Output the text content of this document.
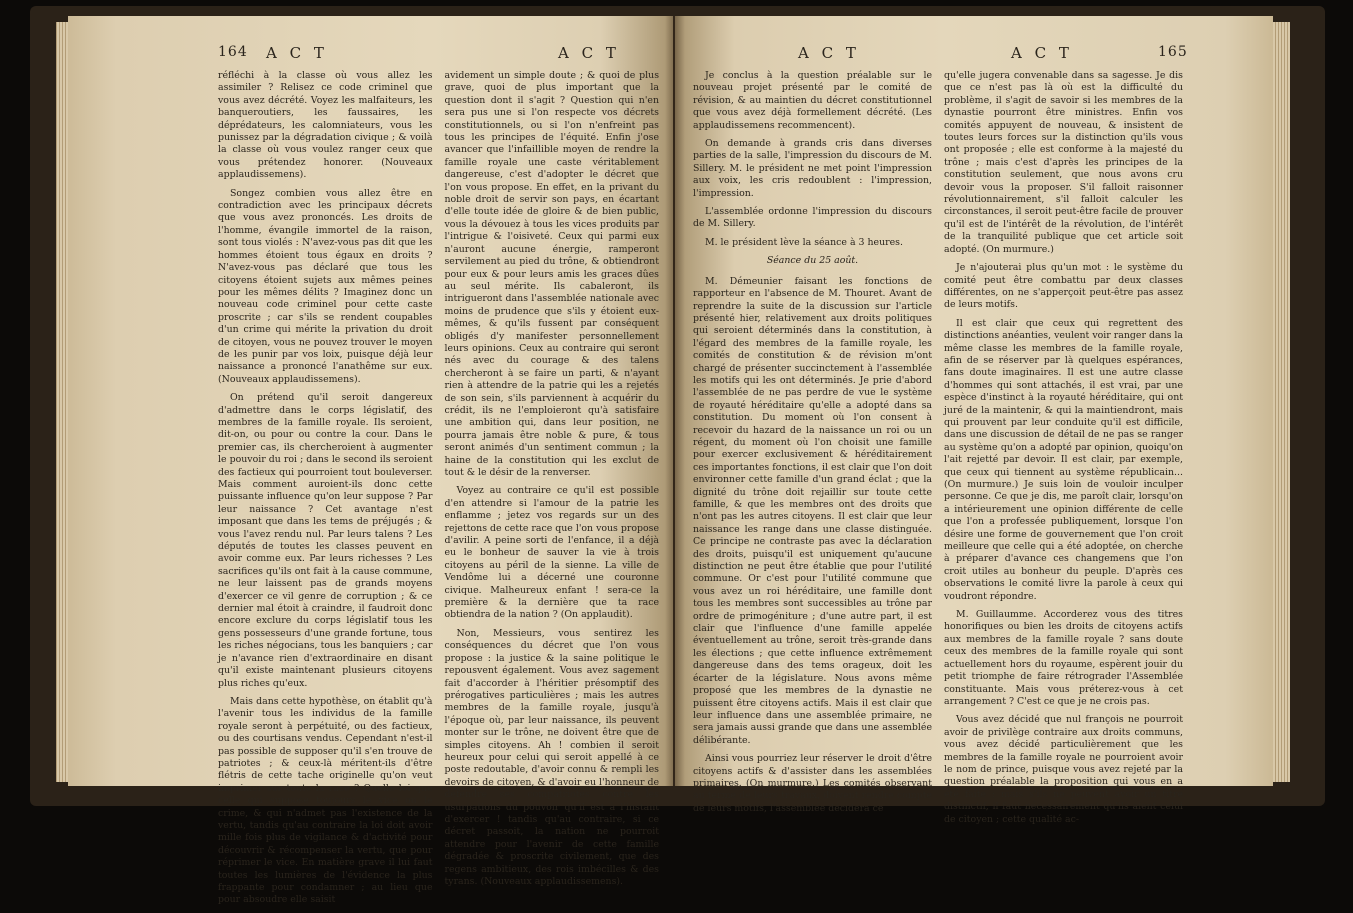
164 A C T	A C T

réfléchi à la classe où vous allez les assimiler ? Relisez ce code criminel que vous avez décrété. Voyez les malfaiteurs, les banqueroutiers, les faussaires, les déprédateurs, les calomniateurs, vous les punissez par la dégradation civique ; & voilà la classe où vous voulez ranger ceux que vous prétendez honorer. (Nouveaux applaudissemens).

Songez combien vous allez être en contradiction avec les principaux décrets que vous avez prononcés. Les droits de l'homme, évangile immortel de la raison, sont tous violés : N'avez-vous pas dit que les hommes étoient tous égaux en droits ? N'avez-vous pas déclaré que tous les citoyens étoient sujets aux mêmes peines pour les mêmes délits ? Imaginez donc un nouveau code criminel pour cette caste proscrite ; car s'ils se rendent coupables d'un crime qui mérite la privation du droit de citoyen, vous ne pouvez trouver le moyen de les punir par vos loix, puisque déjà leur naissance a prononcé l'anathême sur eux. (Nouveaux applaudissemens).

On prétend qu'il seroit dangereux d'admettre dans le corps législatif, des membres de la famille royale. Ils seroient, dit-on, ou pour ou contre la cour. Dans le premier cas, ils chercheroient à augmenter le pouvoir du roi ; dans le second ils seroient des factieux qui pourroient tout bouleverser. Mais comment auroient-ils donc cette puissante influence qu'on leur suppose ? Par leur naissance ? Cet avantage n'est imposant que dans les tems de préjugés ; & vous l'avez rendu nul. Par leurs talens ? Les députés de toutes les classes peuvent en avoir comme eux. Par leurs richesses ? Les sacrifices qu'ils ont fait à la cause commune, ne leur laissent pas de grands moyens d'exercer ce vil genre de corruption ; & ce dernier mal étoit à craindre, il faudroit donc encore exclure du corps législatif tous les gens possesseurs d'une grande fortune, tous les riches négocians, tous les banquiers ; car je n'avance rien d'extraordinaire en disant qu'il existe maintenant plusieurs citoyens plus riches qu'eux.

Mais dans cette hypothèse, on établit qu'à l'avenir tous les individus de la famille royale seront à perpétuité, ou des factieux, ou des courtisans vendus. Cependant n'est-il pas possible de supposer qu'il s'en trouve de patriotes ; & ceux-là méritent-ils d'être flétris de cette tache originelle qu'on veut imprimer sur toute la race ? Quelle loi que celle qui suppose toujours le vice ou le crime, & qui n'admet pas l'existence de la vertu, tandis qu'au contraire la loi doit avoir mille fois plus de vigilance & d'activité pour découvrir & récompenser la vertu, que pour réprimer le vice. En matière grave il lui faut toutes les lumières de l'évidence la plus frappante pour condamner ; au lieu que pour absoudre elle saisit

avidement un simple doute ; & quoi de plus grave, quoi de plus important que la question dont il s'agit ? Question qui n'en sera pus une si l'on respecte vos décrets constitutionnels, ou si l'on n'enfreint pas tous les principes de l'équité. Enfin j'ose avancer que l'infaillible moyen de rendre la famille royale une caste véritablement dangereuse, c'est d'adopter le décret que l'on vous propose. En effet, en la privant du noble droit de servir son pays, en écartant d'elle toute idée de gloire & de bien public, vous la dévouez à tous les vices produits par l'intrigue & l'oisiveté. Ceux qui parmi eux n'auront aucune énergie, ramperont servilement au pied du trône, & obtiendront pour eux & pour leurs amis les graces dûes au seul mérite. Ils cabaleront, ils intrigueront dans l'assemblée nationale avec moins de prudence que s'ils y étoient eux-mêmes, & qu'ils fussent par conséquent obligés d'y manifester personnellement leurs opinions. Ceux au contraire qui seront nés avec du courage & des talens chercheront à se faire un parti, & n'ayant rien à attendre de la patrie qui les a rejetés de son sein, s'ils parviennent à acquérir du crédit, ils ne l'emploieront qu'à satisfaire une ambition qui, dans leur position, ne pourra jamais être noble & pure, & tous seront animés d'un sentiment commun ; la haine de la constitution qui les exclut de tout & le désir de la renverser.

Voyez au contraire ce qu'il est possible d'en attendre si l'amour de la patrie les enflamme ; jetez vos regards sur un des rejettons de cette race que l'on vous propose d'avilir. A peine sorti de l'enfance, il a déjà eu le bonheur de sauver la vie à trois citoyens au péril de la sienne. La ville de Vendôme lui a décerné une couronne civique. Malheureux enfant ! sera-ce la première & la dernière que ta race obtiendra de la nation ? (On applaudit).

Non, Messieurs, vous sentirez les conséquences du décret que l'on vous propose : la justice & la saine politique le repousvent également. Vous avez sagement fait d'accorder à l'héritier présomptif des prérogatives particulières ; mais les autres membres de la famille royale, jusqu'à l'époque où, par leur naissance, ils peuvent monter sur le trône, ne doivent être que de simples citoyens. Ah ! combien il seroit heureux pour celui qui seroit appellé à ce poste redoutable, d'avoir connu & rempli les devoirs de citoyen, & d'avoir eu l'honneur de défendre ses compatriotes contre les usurpations du pouvoir qu'il est à l'instant d'exercer ! tandis qu'au contraire, si ce décret passoit, la nation ne pourroit attendre pour l'avenir de cette famille dégradée & proscrite civilement, que des regens ambitieux, des rois imbécilles & des tyrans. (Nouveaux applaudissemens).

A C T	A C T	165

Je conclus à la question préalable sur le nouveau projet présenté par le comité de révision, & au maintien du décret constitutionnel que vous avez déjà formellement décrété. (Les applaudissemens recommencent).

On demande à grands cris dans diverses parties de la salle, l'impression du discours de M. Sillery. M. le président ne met point l'impression aux voix, les cris redoublent : l'impression, l'impression.

L'assemblée ordonne l'impression du discours de M. Sillery.

M. le président lève la séance à 3 heures.

Séance du 25 août.

M. Démeunier faisant les fonctions de rapporteur en l'absence de M. Thouret. Avant de reprendre la suite de la discussion sur l'article présenté hier, relativement aux droits politiques qui seroient déterminés dans la constitution, à l'égard des membres de la famille royale, les comités de constitution & de révision m'ont chargé de présenter succinctement à l'assemblée les motifs qui les ont déterminés. Je prie d'abord l'assemblée de ne pas perdre de vue le système de royauté héréditaire qu'elle a adopté dans sa constitution. Du moment où l'on consent à recevoir du hazard de la naissance un roi ou un régent, du moment où l'on choisit une famille pour exercer exclusivement & héréditairement ces importantes fonctions, il est clair que l'on doit environner cette famille d'un grand éclat ; que la dignité du trône doit rejaillir sur toute cette famille, & que les membres ont des droits que n'ont pas les autres citoyens. Il est clair que leur naissance les range dans une classe distinguée. Ce principe ne contraste pas avec la déclaration des droits, puisqu'il est uniquement qu'aucune distinction ne peut être établie que pour l'utilité commune. Or c'est pour l'utilité commune que vous avez un roi héréditaire, une famille dont tous les membres sont successibles au trône par ordre de primogéniture ; d'une autre part, il est clair que l'influence d'une famille appelée éventuellement au trône, seroit très-grande dans les élections ; que cette influence extrêmement dangereuse dans des tems orageux, doit les écarter de la législature. Nous avons même proposé que les membres de la dynastie ne puissent être citoyens actifs. Mais il est clair que leur influence dans une assemblée primaire, ne sera jamais aussi grande que dans une assemblée délibérante.

Ainsi vous pourriez leur réserver le droit d'être citoyens actifs & d'assister dans les assemblées primaires. (On murmure.) Les comités observant au terme de leurs travaux, doivent rendre compte de leurs motifs, l'assemblée décidera ce

qu'elle jugera convenable dans sa sagesse. Je dis que ce n'est pas là où est la difficulté du problème, il s'agit de savoir si les membres de la dynastie pourront être ministres. Enfin vos comités appuyent de nouveau, & insistent de toutes leurs forces sur la distinction qu'ils vous ont proposée ; elle est conforme à la majesté du trône ; mais c'est d'après les principes de la constitution seulement, que nous avons cru devoir vous la proposer. S'il falloit raisonner révolutionnairement, s'il falloit calculer les circonstances, il seroit peut-être facile de prouver qu'il est de l'intérêt de la révolution, de l'intérêt de la tranquilité publique que cet article soit adopté. (On murmure.)

Je n'ajouterai plus qu'un mot : le système du comité peut être combattu par deux classes différentes, on ne s'apperçoit peut-être pas assez de leurs motifs.

Il est clair que ceux qui regrettent des distinctions anéanties, veulent voir ranger dans la même classe les membres de la famille royale, afin de se réserver par là quelques espérances, fans doute imaginaires. Il est une autre classe d'hommes qui sont attachés, il est vrai, par une espèce d'instinct à la royauté héréditaire, qui ont juré de la maintenir, & qui la maintiendront, mais qui prouvent par leur conduite qu'il est difficile, dans une discussion de détail de ne pas se ranger au système qu'on a adopté par opinion, quoiqu'on l'ait rejetté par devoir. Il est clair, par exemple, que ceux qui tiennent au système républicain... (On murmure.) Je suis loin de vouloir inculper personne. Ce que je dis, me paroît clair, lorsqu'on a intérieurement une opinion différente de celle que l'on a professée publiquement, lorsque l'on désire une forme de gouvernement que l'on croit meilleure que celle qui a été adoptée, on cherche à préparer d'avance ces changemens que l'on croit utiles au bonheur du peuple. D'après ces observations le comité livre la parole à ceux qui voudront répondre.

M. Guillaumme. Accorderez vous des titres honorifiques ou bien les droits de citoyens actifs aux membres de la famille royale ? sans doute ceux des membres de la famille royale qui sont actuellement hors du royaume, espèrent jouir du petit triomphe de faire rétrograder l'Assemblée constituante. Mais vous préterez-vous à cet arrangement ? C'est ce que je ne crois pas.

Vous avez décidé que nul françois ne pourroit avoir de privilège contraire aux droits communs, vous avez décidé particulièrement que les membres de la famille royale ne pourroient avoir le nom de prince, puisque vous avez rejeté par la question préalable la proposition qui vous en a été faite ; mais s'ils ne peuvent avoir un titre distinctif, il faut nécessairement qu'ils aient celui de citoyen ; cette qualité ac-
